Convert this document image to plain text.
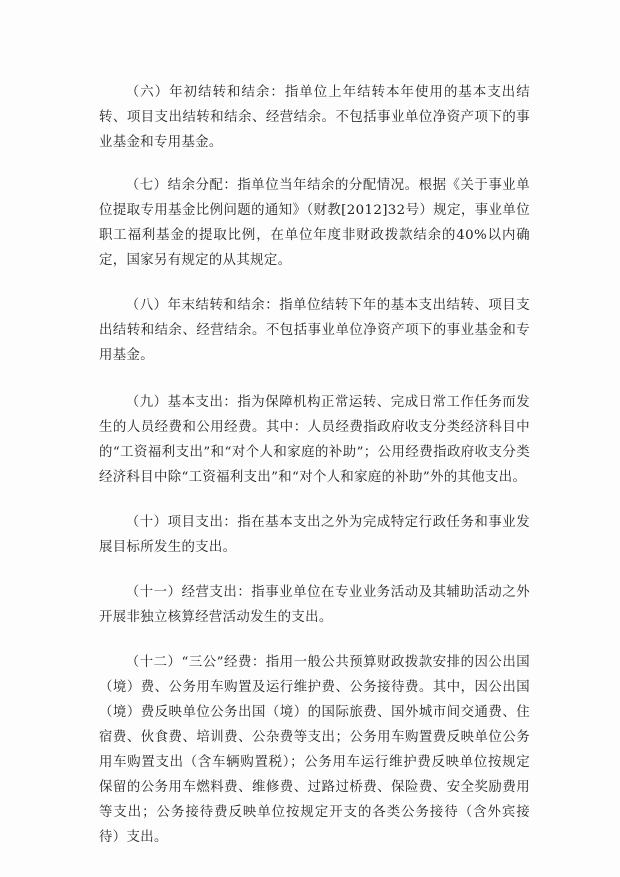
（六）年初结转和结余：指单位上年结转本年使用的基本支出结转、项目支出结转和结余、经营结余。不包括事业单位净资产项下的事业基金和专用基金。

（七）结余分配：指单位当年结余的分配情况。根据《关于事业单位提取专用基金比例问题的通知》（财教[2012]32号）规定，事业单位职工福利基金的提取比例，在单位年度非财政拨款结余的40%以内确定，国家另有规定的从其规定。

（八）年末结转和结余：指单位结转下年的基本支出结转、项目支出结转和结余、经营结余。不包括事业单位净资产项下的事业基金和专用基金。

（九）基本支出：指为保障机构正常运转、完成日常工作任务而发生的人员经费和公用经费。其中：人员经费指政府收支分类经济科目中的“工资福利支出”和“对个人和家庭的补助”；公用经费指政府收支分类经济科目中除“工资福利支出”和“对个人和家庭的补助”外的其他支出。

（十）项目支出：指在基本支出之外为完成特定行政任务和事业发展目标所发生的支出。

（十一）经营支出：指事业单位在专业业务活动及其辅助活动之外开展非独立核算经营活动发生的支出。

（十二）“三公”经费：指用一般公共预算财政拨款安排的因公出国（境）费、公务用车购置及运行维护费、公务接待费。其中，因公出国（境）费反映单位公务出国（境）的国际旅费、国外城市间交通费、住宿费、伙食费、培训费、公杂费等支出；公务用车购置费反映单位公务用车购置支出（含车辆购置税）；公务用车运行维护费反映单位按规定保留的公务用车燃料费、维修费、过路过桥费、保险费、安全奖励费用等支出；公务接待费反映单位按规定开支的各类公务接待（含外宾接待）支出。
